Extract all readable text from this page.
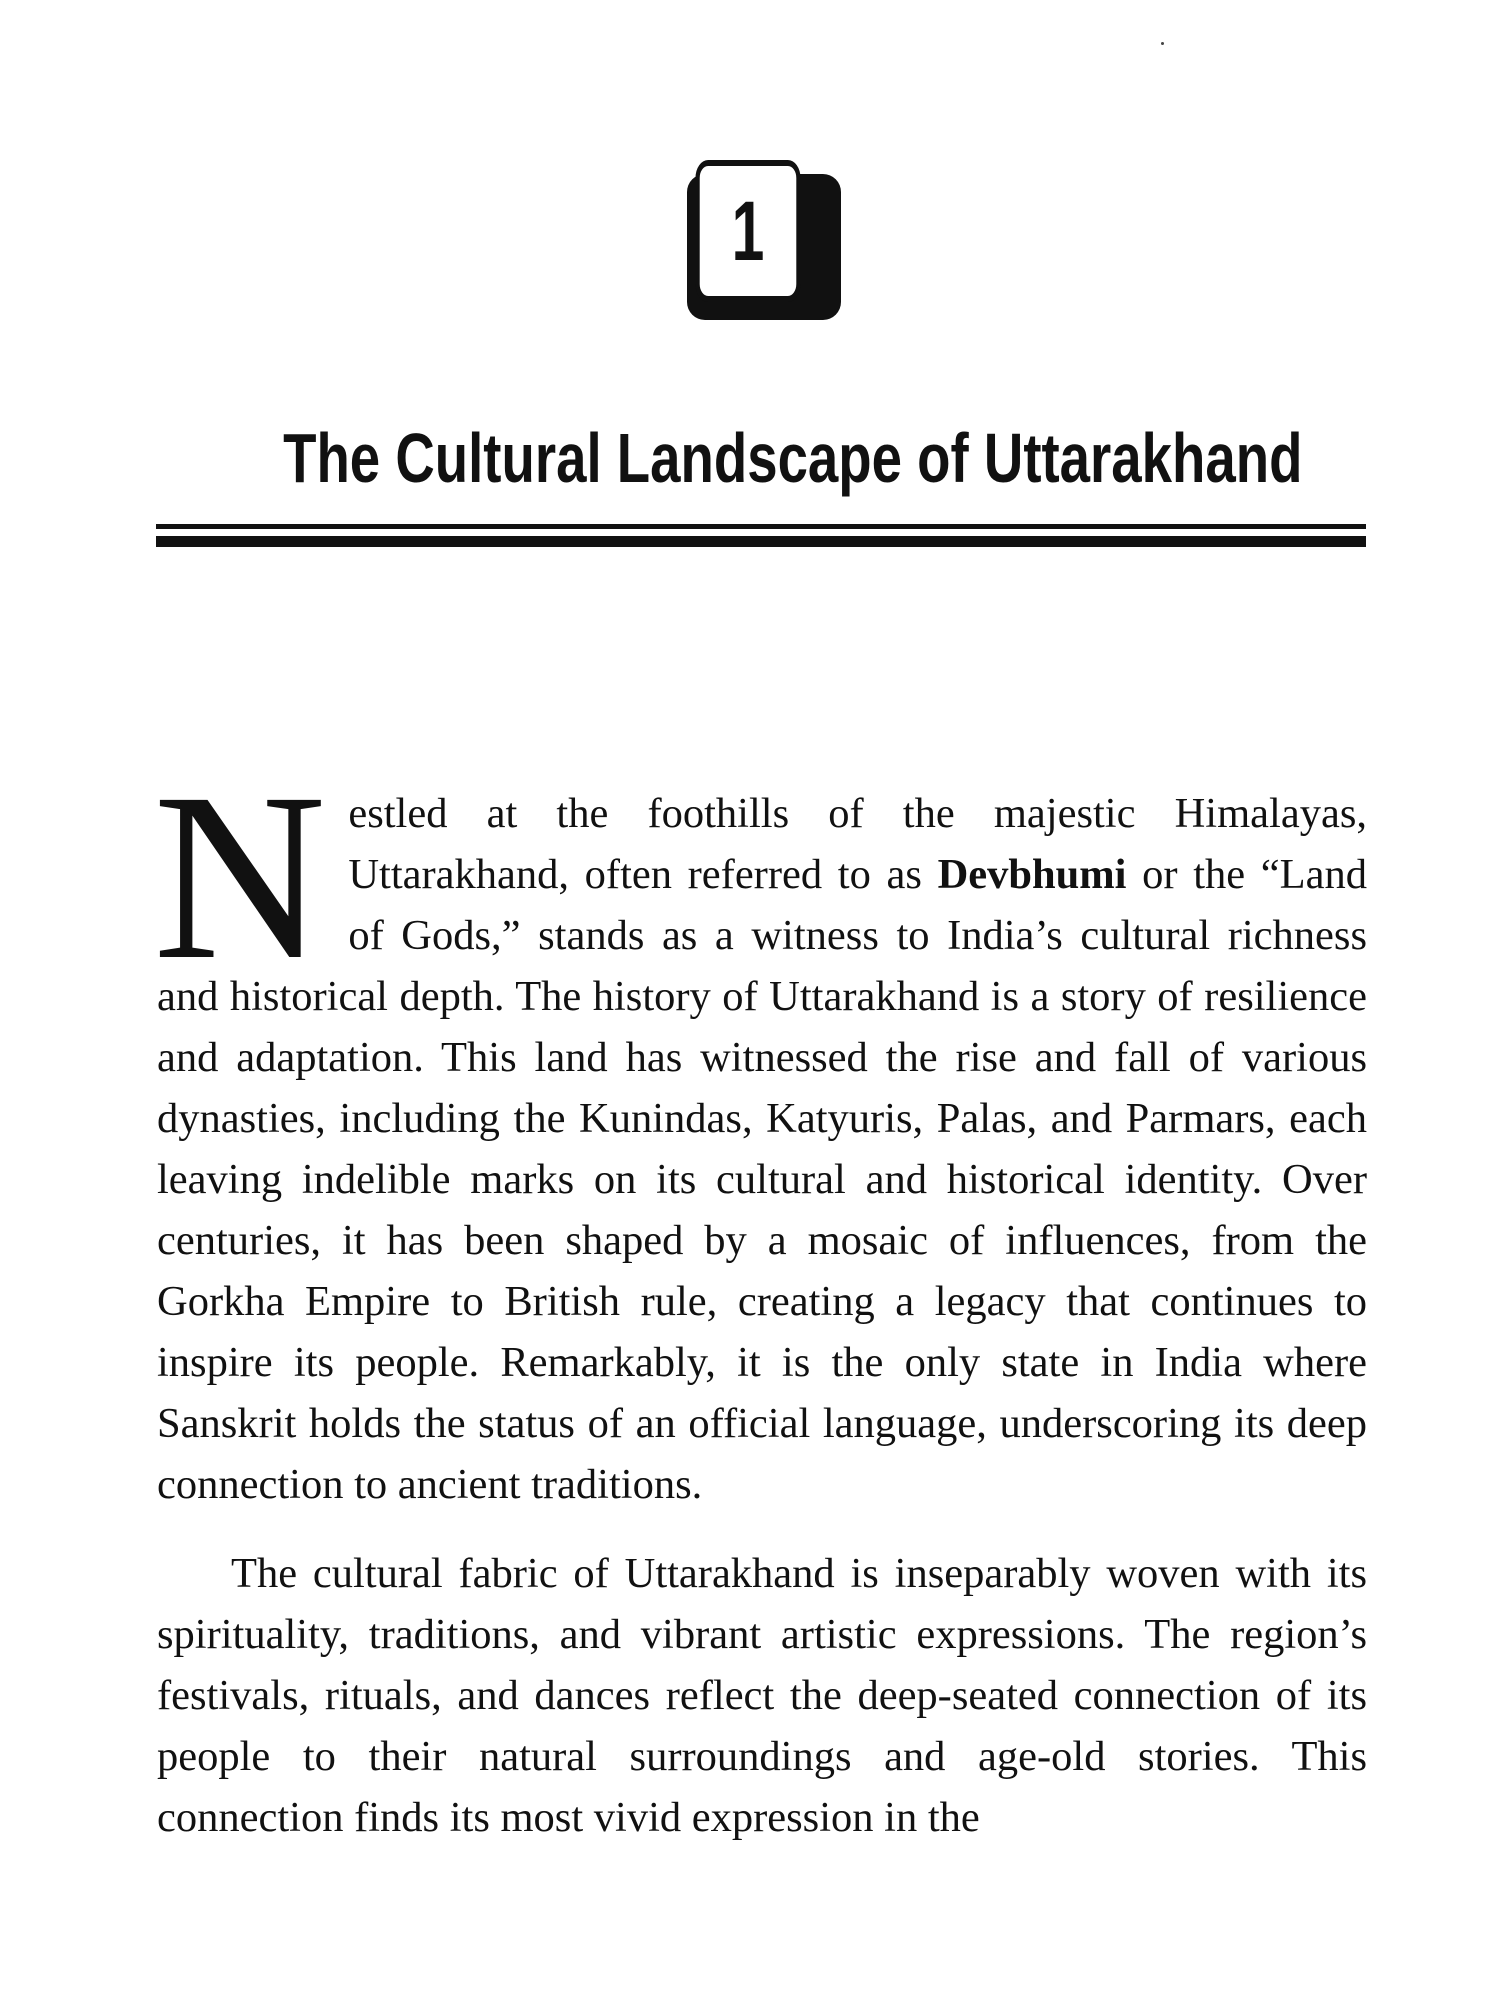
1
The Cultural Landscape of Uttarakhand

Nestled at the foothills of the majestic Himalayas, Uttarakhand, often referred to as Devbhumi or the “Land of Gods,” stands as a witness to India’s cultural richness and historical depth. The history of Uttarakhand is a story of resilience and adaptation. This land has witnessed the rise and fall of various dynasties, including the Kunindas, Katyuris, Palas, and Parmars, each leaving indelible marks on its cultural and historical identity. Over centuries, it has been shaped by a mosaic of influences, from the Gorkha Empire to British rule, creating a legacy that continues to inspire its people. Remarkably, it is the only state in India where Sanskrit holds the status of an official language, underscoring its deep connection to ancient traditions.

The cultural fabric of Uttarakhand is inseparably woven with its spirituality, traditions, and vibrant artistic expressions. The region’s festivals, rituals, and dances reflect the deep-seated connection of its people to their natural surroundings and age-old stories. This connection finds its most vivid expression in the
